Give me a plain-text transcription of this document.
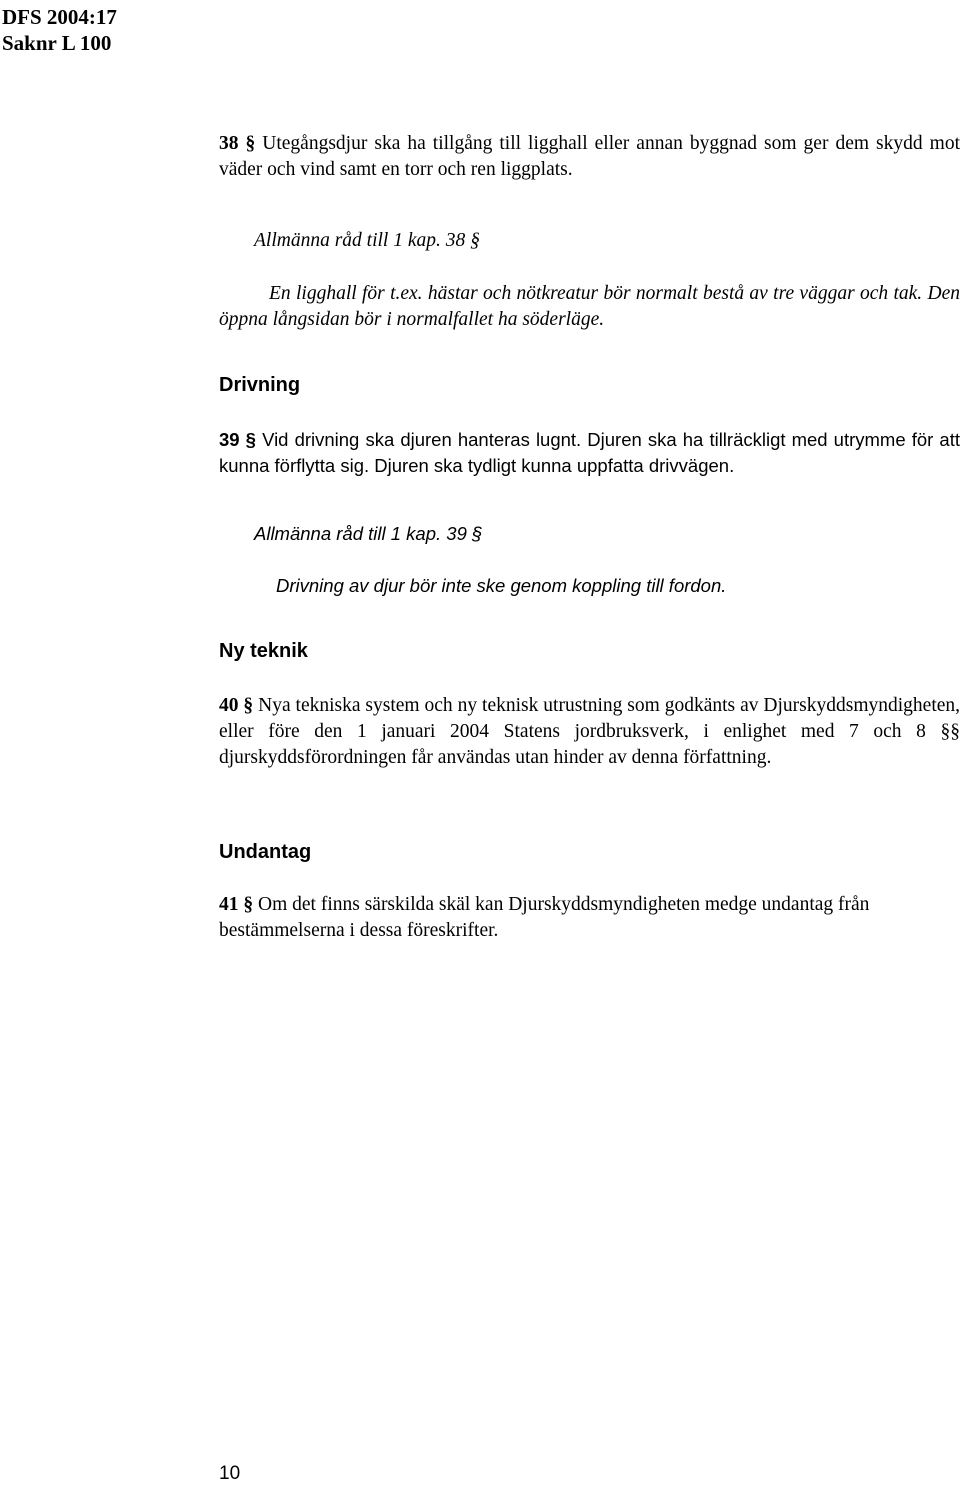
DFS 2004:17
Saknr L 100
38 § Utegångsdjur ska ha tillgång till ligghall eller annan byggnad som ger dem skydd mot väder och vind samt en torr och ren liggplats.
Allmänna råd till 1 kap. 38 §
En ligghall för t.ex. hästar och nötkreatur bör normalt bestå av tre väggar och tak. Den öppna långsidan bör i normalfallet ha söderläge.
Drivning
39 § Vid drivning ska djuren hanteras lugnt. Djuren ska ha tillräckligt med utrymme för att kunna förflytta sig. Djuren ska tydligt kunna uppfatta drivvägen.
Allmänna råd till 1 kap. 39 §
Drivning av djur bör inte ske genom koppling till fordon.
Ny teknik
40 § Nya tekniska system och ny teknisk utrustning som godkänts av Djurskyddsmyndigheten, eller före den 1 januari 2004 Statens jordbruksverk, i enlighet med 7 och 8 §§ djurskyddsförordningen får användas utan hinder av denna författning.
Undantag
41 § Om det finns särskilda skäl kan Djurskyddsmyndigheten medge undantag från bestämmelserna i dessa föreskrifter.
10
